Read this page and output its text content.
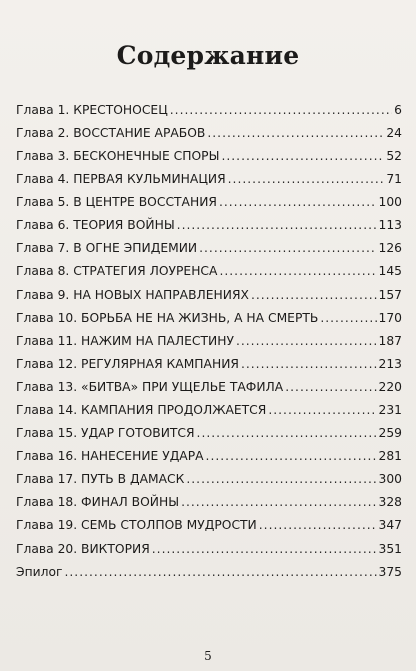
Содержание
Глава 1. КРЕСТОНОСЕЦ .....	6
Глава 2. ВОССТАНИЕ АРАБОВ .....	24
Глава 3. БЕСКОНЕЧНЫЕ СПОРЫ .....	52
Глава 4. ПЕРВАЯ КУЛЬМИНАЦИЯ .....	71
Глава 5. В ЦЕНТРЕ ВОССТАНИЯ .....	100
Глава 6. ТЕОРИЯ ВОЙНЫ .....	113
Глава 7. В ОГНЕ ЭПИДЕМИИ .....	126
Глава 8. СТРАТЕГИЯ ЛОУРЕНСА .....	145
Глава 9. НА НОВЫХ НАПРАВЛЕНИЯХ .....	157
Глава 10. БОРЬБА НЕ НА ЖИЗНЬ, А НА СМЕРТЬ .....	170
Глава 11. НАЖИМ НА ПАЛЕСТИНУ .....	187
Глава 12. РЕГУЛЯРНАЯ КАМПАНИЯ .....	213
Глава 13. «БИТВА» ПРИ УЩЕЛЬЕ ТАФИЛА .....	220
Глава 14. КАМПАНИЯ ПРОДОЛЖАЕТСЯ .....	231
Глава 15. УДАР ГОТОВИТСЯ .....	259
Глава 16. НАНЕСЕНИЕ УДАРА .....	281
Глава 17. ПУТЬ В ДАМАСК .....	300
Глава 18. ФИНАЛ ВОЙНЫ .....	328
Глава 19. СЕМЬ СТОЛПОВ МУДРОСТИ .....	347
Глава 20. ВИКТОРИЯ .....	351
Эпилог .....	375
5
